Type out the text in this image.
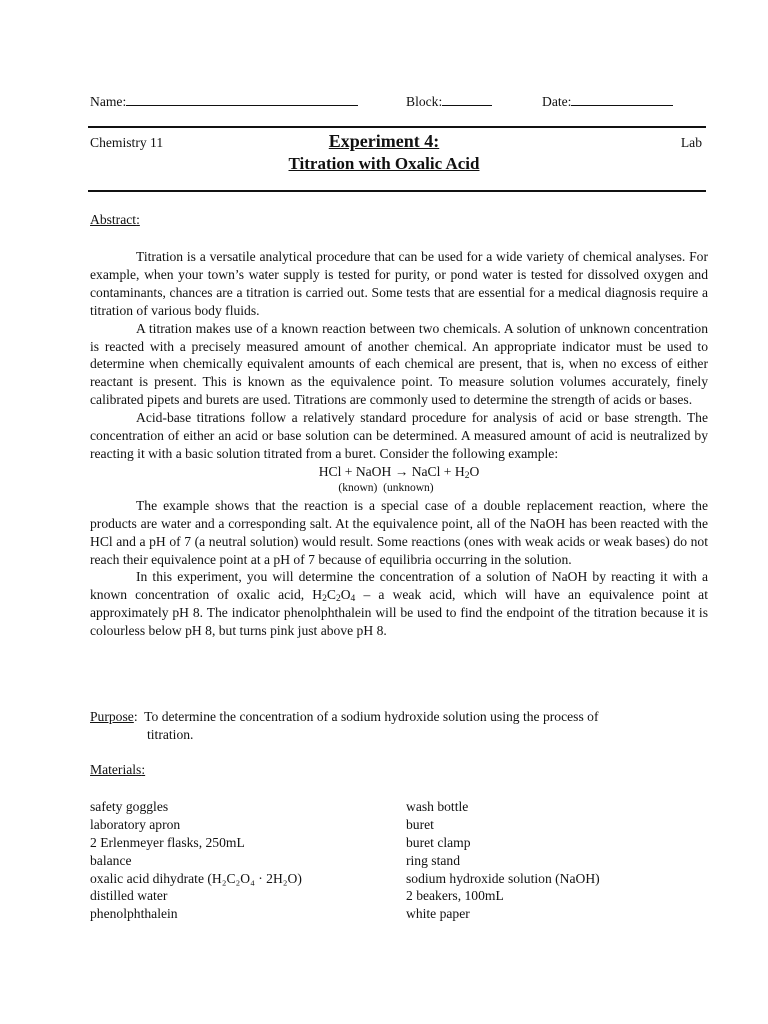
Name:	Block:	Date:
Chemistry 11	Experiment 4:
Titration with Oxalic Acid
Lab
Abstract:

Titration is a versatile analytical procedure that can be used for a wide variety of chemical analyses. For example, when your town’s water supply is tested for purity, or pond water is tested for dissolved oxygen and contaminants, chances are a titration is carried out. Some tests that are essential for a medical diagnosis require a titration of various body fluids.

A titration makes use of a known reaction between two chemicals. A solution of unknown concentration is reacted with a precisely measured amount of another chemical. An appropriate indicator must be used to determine when chemically equivalent amounts of each chemical are present, that is, when no excess of either reactant is present. This is known as the equivalence point. To measure solution volumes accurately, finely calibrated pipets and burets are used. Titrations are commonly used to determine the strength of acids or bases.

Acid-base titrations follow a relatively standard procedure for analysis of acid or base strength. The concentration of either an acid or base solution can be determined. A measured amount of acid is neutralized by reacting it with a basic solution titrated from a buret. Consider the following example:

HCl + NaOH → NaCl + $H_2O$
(known) (unknown)

The example shows that the reaction is a special case of a double replacement reaction, where the products are water and a corresponding salt. At the equivalence point, all of the NaOH has been reacted with the HCl and a pH of 7 (a neutral solution) would result. Some reactions (ones with weak acids or weak bases) do not reach their equivalence point at a pH of 7 because of equilibria occurring in the solution.

In this experiment, you will determine the concentration of a solution of NaOH by reacting it with a known concentration of oxalic acid, $H_2C_2O_4$ – a weak acid, which will have an equivalence point at approximately pH 8. The indicator phenolphthalein will be used to find the endpoint of the titration because it is colourless below pH 8, but turns pink just above pH 8.

Purpose:  To determine the concentration of a sodium hydroxide solution using the process of
titration.
Materials:
safety goggles
laboratory apron
2 Erlenmeyer flasks, 250mL
balance
oxalic acid dihydrate (H₂C₂O₄ · 2H₂O)
distilled water
phenolphthalein
wash bottle
buret
buret clamp
ring stand
sodium hydroxide solution (NaOH)
2 beakers, 100mL
white paper
